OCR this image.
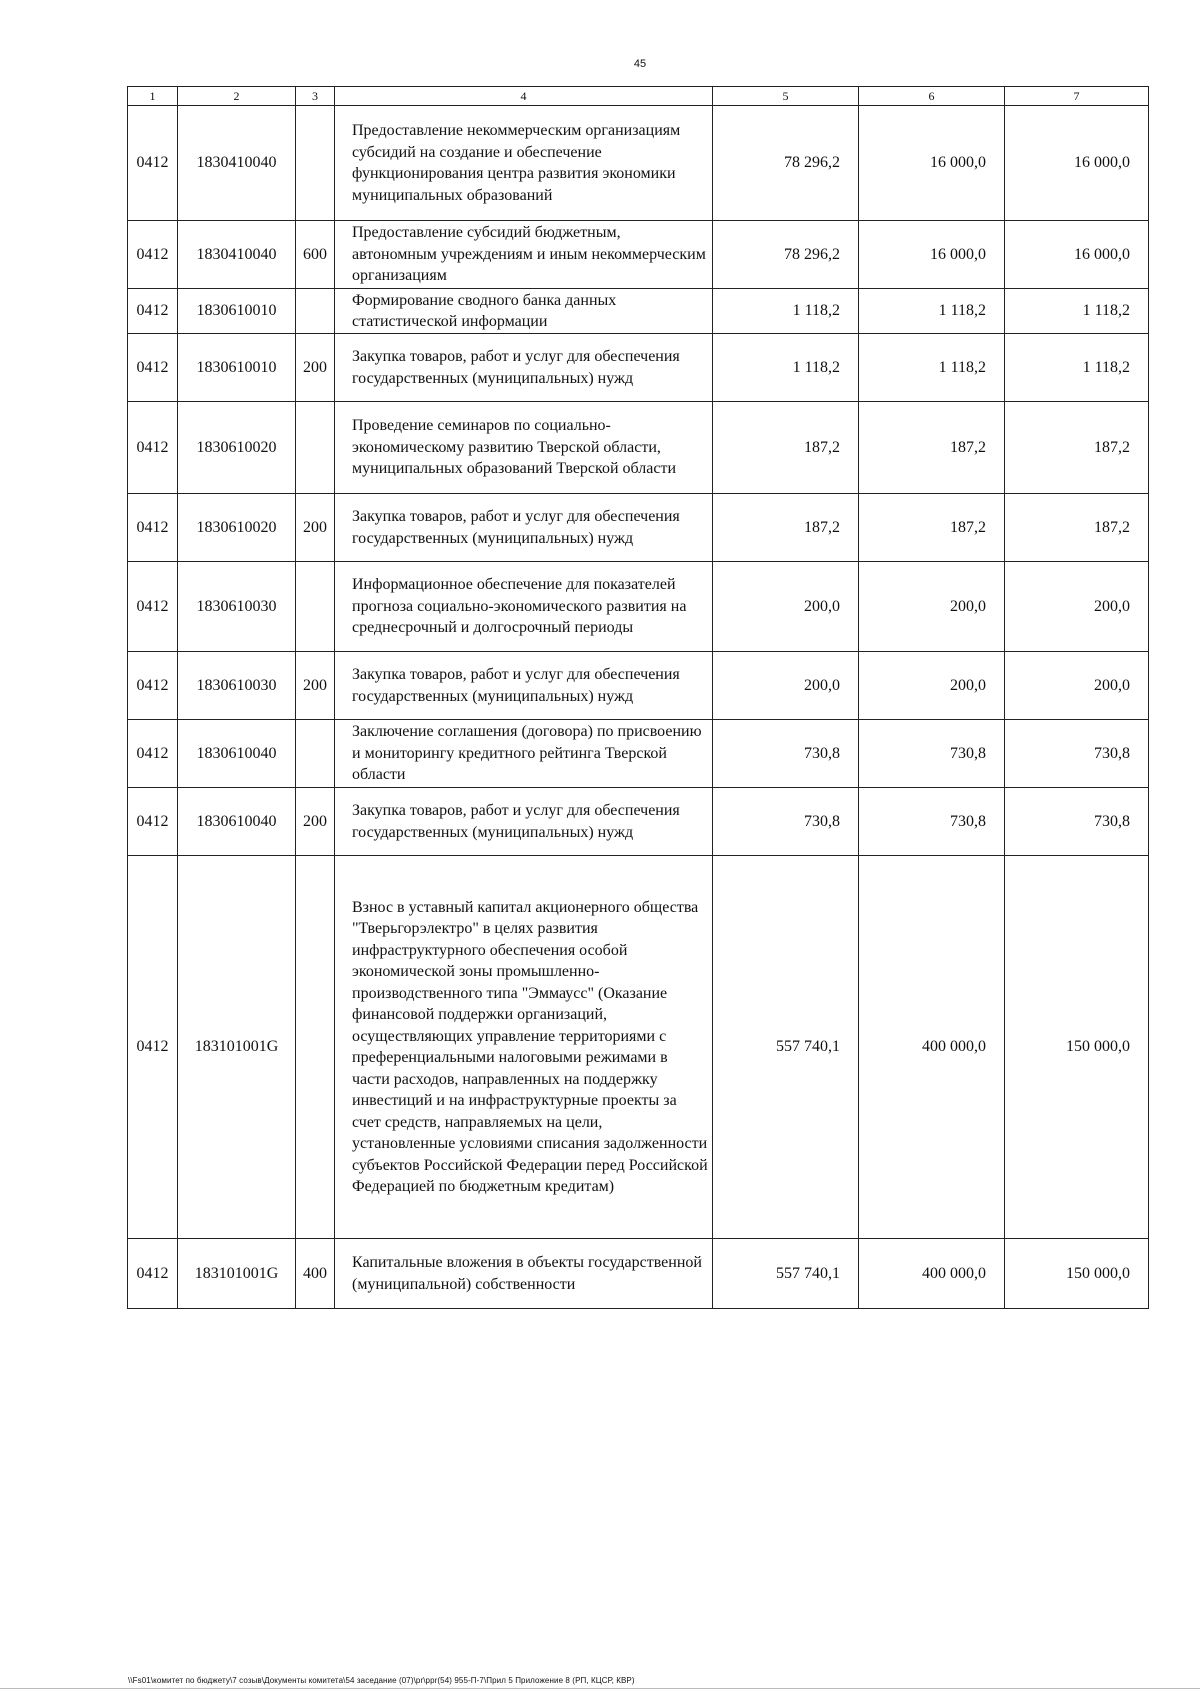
45
1	2	3	4	5	6	7
0412	1830410040		Предоставление некоммерческим организациям субсидий на создание и обеспечение функционирования центра развития экономики муниципальных образований	78 296,2	16 000,0	16 000,0
0412	1830410040	600	Предоставление субсидий бюджетным, автономным учреждениям и иным некоммерческим организациям	78 296,2	16 000,0	16 000,0
0412	1830610010		Формирование сводного банка данных статистической информации	1 118,2	1 118,2	1 118,2
0412	1830610010	200	Закупка товаров, работ и услуг для обеспечения государственных (муниципальных) нужд	1 118,2	1 118,2	1 118,2
0412	1830610020		Проведение семинаров по социально-экономическому развитию Тверской области, муниципальных образований Тверской области	187,2	187,2	187,2
0412	1830610020	200	Закупка товаров, работ и услуг для обеспечения государственных (муниципальных) нужд	187,2	187,2	187,2
0412	1830610030		Информационное обеспечение для показателей прогноза социально-экономического развития на среднесрочный и долгосрочный периоды	200,0	200,0	200,0
0412	1830610030	200	Закупка товаров, работ и услуг для обеспечения государственных (муниципальных) нужд	200,0	200,0	200,0
0412	1830610040		Заключение соглашения (договора) по присвоению и мониторингу кредитного рейтинга Тверской области	730,8	730,8	730,8
0412	1830610040	200	Закупка товаров, работ и услуг для обеспечения государственных (муниципальных) нужд	730,8	730,8	730,8
0412	183101001G		Взнос в уставный капитал акционерного общества "Тверьгорэлектро" в целях развития инфраструктурного обеспечения особой экономической зоны промышленно-производственного типа "Эммаусс" (Оказание финансовой поддержки организаций, осуществляющих управление территориями с преференциальными налоговыми режимами в части расходов, направленных на поддержку инвестиций и на инфраструктурные проекты за счет средств, направляемых на цели, установленные условиями списания задолженности субъектов Российской Федерации перед Российской Федерацией по бюджетным кредитам)	557 740,1	400 000,0	150 000,0
0412	183101001G	400	Капитальные вложения в объекты государственной (муниципальной) собственности	557 740,1	400 000,0	150 000,0
\\Fs01\комитет по бюджету\7 созыв\Документы комитета\54 заседание (07)\pr\ppr(54) 955-П-7\Прил 5 Приложение 8 (РП, КЦСР, КВР)
